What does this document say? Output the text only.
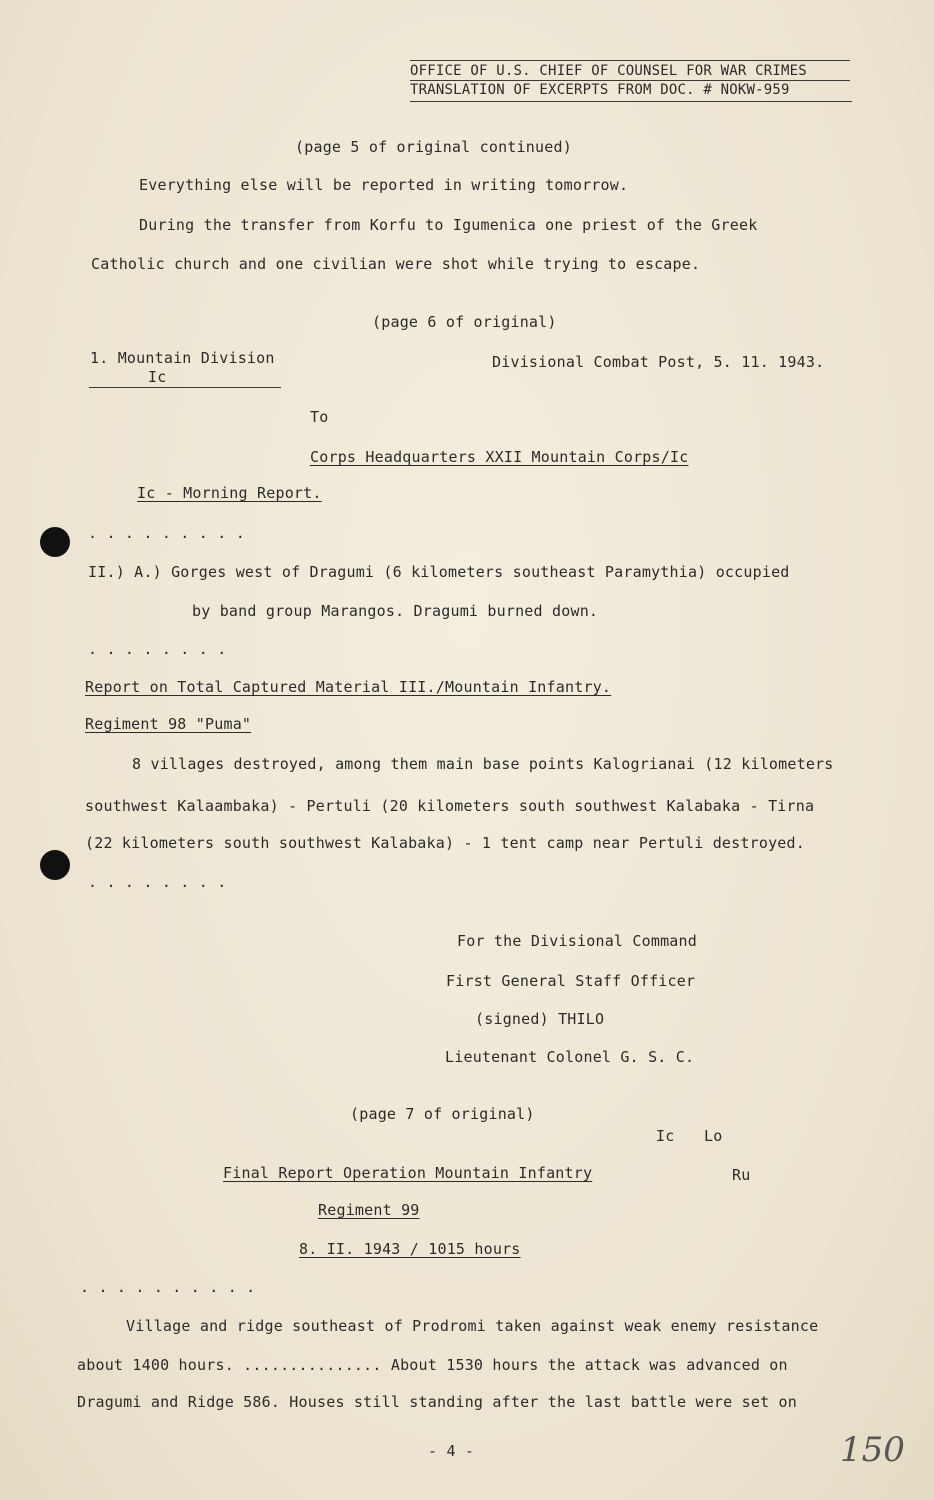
OFFICE OF U.S. CHIEF OF COUNSEL FOR WAR CRIMES
TRANSLATION OF EXCERPTS FROM DOC. # NOKW-959
(page 5 of original continued)
Everything else will be reported in writing tomorrow.
During the transfer from Korfu to Igumenica one priest of the Greek
Catholic church and one civilian were shot while trying to escape.
(page 6 of original)
1. Mountain Division
Ic
Divisional Combat Post, 5. 11. 1943.
To
Corps Headquarters XXII Mountain Corps/Ic
Ic - Morning Report.
. . . . . . . . .
II.) A.) Gorges west of Dragumi (6 kilometers southeast Paramythia) occupied
by band group Marangos. Dragumi burned down.
. . . . . . . .
Report on Total Captured Material III./Mountain Infantry.
Regiment 98 "Puma"
8 villages destroyed, among them main base points Kalogrianai (12 kilometers
southwest Kalaambaka) - Pertuli (20 kilometers south southwest Kalabaka - Tirna
(22 kilometers south southwest Kalabaka) - 1 tent camp near Pertuli destroyed.
. . . . . . . .
For the Divisional Command
First General Staff Officer
(signed) THILO
Lieutenant Colonel G. S. C.
(page 7 of original)
Ic Lo
Ru
Final Report Operation Mountain Infantry
Regiment 99
8. II. 1943 / 1015 hours
. . . . . . . . . .
Village and ridge southeast of Prodromi taken against weak enemy resistance
about 1400 hours. ............... About 1530 hours the attack was advanced on
Dragumi and Ridge 586. Houses still standing after the last battle were set on
- 4 -	150
